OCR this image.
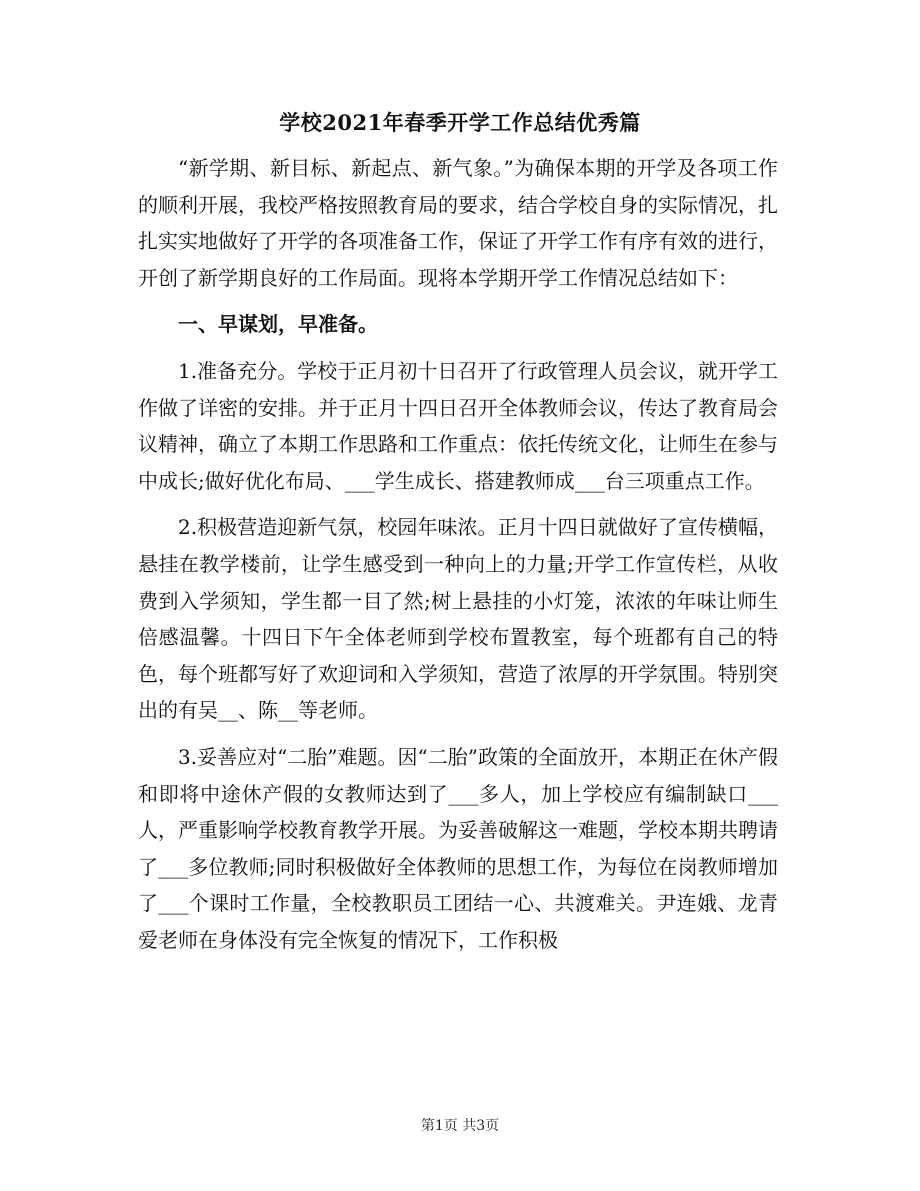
学校2021年春季开学工作总结优秀篇

“新学期、新目标、新起点、新气象。”为确保本期的开学及各项工作的顺利开展，我校严格按照教育局的要求，结合学校自身的实际情况，扎扎实实地做好了开学的各项准备工作，保证了开学工作有序有效的进行，开创了新学期良好的工作局面。现将本学期开学工作情况总结如下：

一、早谋划，早准备。

1.准备充分。学校于正月初十日召开了行政管理人员会议，就开学工作做了详密的安排。并于正月十四日召开全体教师会议，传达了教育局会议精神，确立了本期工作思路和工作重点：依托传统文化，让师生在参与中成长;做好优化布局、___学生成长、搭建教师成___台三项重点工作。

2.积极营造迎新气氛，校园年味浓。正月十四日就做好了宣传横幅，悬挂在教学楼前，让学生感受到一种向上的力量;开学工作宣传栏，从收费到入学须知，学生都一目了然;树上悬挂的小灯笼，浓浓的年味让师生倍感温馨。十四日下午全体老师到学校布置教室，每个班都有自己的特色，每个班都写好了欢迎词和入学须知，营造了浓厚的开学氛围。特别突出的有吴__、陈__等老师。

3.妥善应对“二胎”难题。因“二胎”政策的全面放开，本期正在休产假和即将中途休产假的女教师达到了___多人，加上学校应有编制缺口___人，严重影响学校教育教学开展。为妥善破解这一难题，学校本期共聘请了___多位教师;同时积极做好全体教师的思想工作，为每位在岗教师增加了___个课时工作量，全校教职员工团结一心、共渡难关。尹连娥、龙青爱老师在身体没有完全恢复的情况下，工作积极

第1页 共3页
